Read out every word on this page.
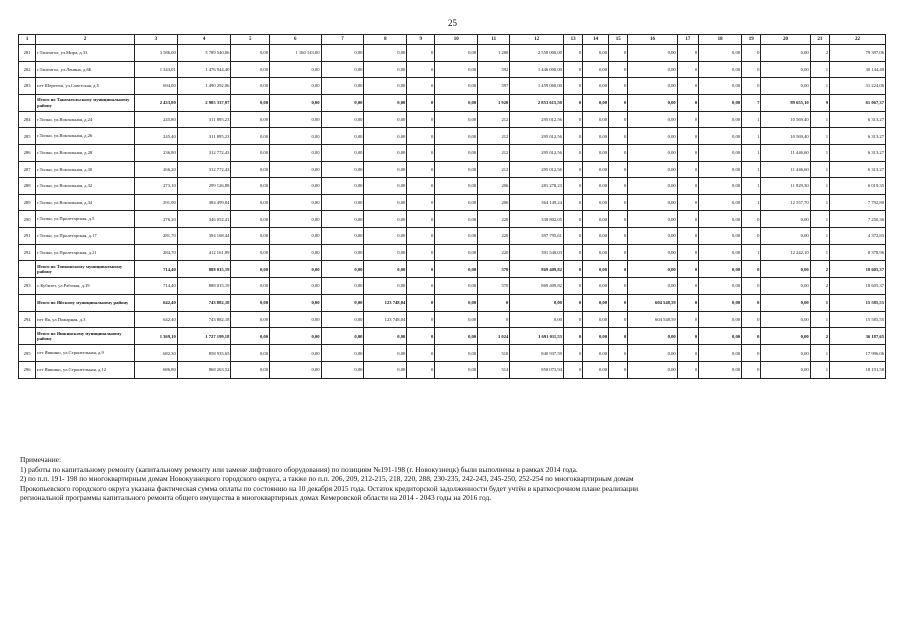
25
1	2	3	4	5	6	7	8	9	10	11	12	13	14	15	16	17	18	19	20	21	22
281	г.Таштагол, ул.Мира, д.33	3 586,00	3 789 540,06	0,00	1 160 143,00	0,00	0,00	0	0,00	1 200	2 550 000,00	0	0,00	0	0,00	0	0,00	0	0,00	2	79 397,06
282	г.Таштагол, ул.Ленина, д.6Б	1 343,01	1 476 944,40	0,00	0,00	0,00	0,00	0	0,00	592	1 446 000,00	0	0,00	0	0,00	0	0,00	0	0,00	1	30 144,40
283	пгт Шерегеш, ул.Советская, д.5	694,00	1 490 292,06	0,00	0,00	0,00	0,00	0	0,00	597	1 459 068,00	0	0,00	0	0,00	0	0,00	0	0,00	1	31 224,06
	Итого по Таштагольскому муниципальному району	2 433,80	2 905 337,97	0,00	0,00	0,00	0,00	0	0,00	1 920	2 853 615,50	0	0,00	0	0,00	0	0,00	7	89 655,10	9	61 067,37
284	г.Топки, ул.Вокзальная, д.24	245,80	311 895,23	0,00	0,00	0,00	0,00	0	0,00	212	295 012,56	0	0,00	0	0,00	0	0,00	1	10 569,40	1	6 313,27
285	г.Топки, ул.Вокзальная, д.26	245,40	311 895,23	0,00	0,00	0,00	0,00	0	0,00	212	295 012,56	0	0,00	0	0,00	0	0,00	1	10 569,40	1	6 313,27
286	г.Топки, ул.Вокзальная, д.28	236,80	312 772,43	0,00	0,00	0,00	0,00	0	0,00	212	295 012,56	0	0,00	0	0,00	0	0,00	1	11 446,60	1	6 313,27
287	г.Топки, ул.Вокзальная, д.30	266,20	312 772,43	0,00	0,00	0,00	0,00	0	0,00	212	295 012,56	0	0,00	0	0,00	0	0,00	1	11 446,60	1	6 313,27
288	г.Топки, ул.Вокзальная, д.32	273,10	299 126,88	0,00	0,00	0,00	0,00	0	0,00	206	281 278,23	0	0,00	0	0,00	0	0,00	1	11 829,30	1	6 019,35
289	г.Топки, ул.Вокзальная, д.34	291,90	384 499,84	0,00	0,00	0,00	0,00	0	0,00	206	364 149,24	0	0,00	0	0,00	0	0,00	1	12 557,70	1	7 792,80
290	г.Топки, ул.Пролетарская, д.5	276,20	346 052,41	0,00	0,00	0,00	0,00	0	0,00	220	338 802,05	0	0,00	0	0,00	0	0,00	0	0,00	1	7 250,36
291	г.Топки, ул.Пролетарская, д.17	281,70	394 168,44	0,00	0,00	0,00	0,00	0	0,00	220	397 795,61	0	0,00	0	0,00	0	0,00	0	0,00	1	4 372,83
292	г.Топки, ул.Пролетарская, д.21	284,70	412 161,89	0,00	0,00	0,00	0,00	0	0,00	220	391 540,03	0	0,00	0	0,00	0	0,00	1	12 242,10	1	8 378,96
	Итого по Топкинскому муниципальному району	714,40	888 015,19	0,00	0,00	0,00	0,00	0	0,00	570	869 409,82	0	0,00	0	0,00	0	0,00	0	0,00	2	18 605,37
293	с.Кубитет, ул.Рабочая, д.19	714,40	888 015,19	0,00	0,00	0,00	0,00	0	0,00	570	869 409,82	0	0,00	0	0,00	0	0,00	0	0,00	2	18 605,37
	Итого по Яйскому муниципальному району	642,40	743 882,18	0,00	0,00	0,00	123 748,04	0	0,00	0	0,00	0	0,00	0	604 548,59	0	0,00	0	0,00	1	15 585,55
294	пгт Яя, ул.Пожарная, д.3	642,40	743 882,18	0,00	0,00	0,00	123 748,04	0	0,00	0	0,00	0	0,00	0	604 548,59	0	0,00	0	0,00	1	15 585,55
	Итого по Яшкинскому муниципальному району	1 369,10	1 727 199,18	0,00	0,00	0,00	0,00	0	0,00	1 024	1 691 011,53	0	0,00	0	0,00	0	0,00	0	0,00	2	36 187,65
295	пгт Яшкино, ул.Строительная, д.9	682,30	858 935,65	0,00	0,00	0,00	0,00	0	0,00	510	840 937,59	0	0,00	0	0,00	0	0,00	0	0,00	1	17 996,06
296	пгт Яшкино, ул.Строительная, д.12	686,80	868 263,52	0,00	0,00	0,00	0,00	0	0,00	514	850 073,94	0	0,00	0	0,00	0	0,00	0	0,00	1	18 191,58
Примечание:
1) работы по капитальному ремонту (капитальному ремонту или замене лифтового оборудования) по позициям №191-198 (г. Новокузнецк) были выполнены в рамках 2014 года.
2) по п.п. 191- 198 по многоквартирным домам Новокузнецкого городского округа, а также по п.п. 206, 209, 212-215, 218, 220, 288, 230-235, 242-243, 245-250, 252-254 по многоквартирным домам
Прокопьевского городского округа указана фактическая сумма оплаты по состоянию на 10 декабря 2015 года. Остаток кредиторской задолженности будет учтён в краткосрочном плане реализации
региональной программы капитального ремонта общего имущества в многоквартирных домах Кемеровской области на 2014 - 2043 годы на 2016 год.
